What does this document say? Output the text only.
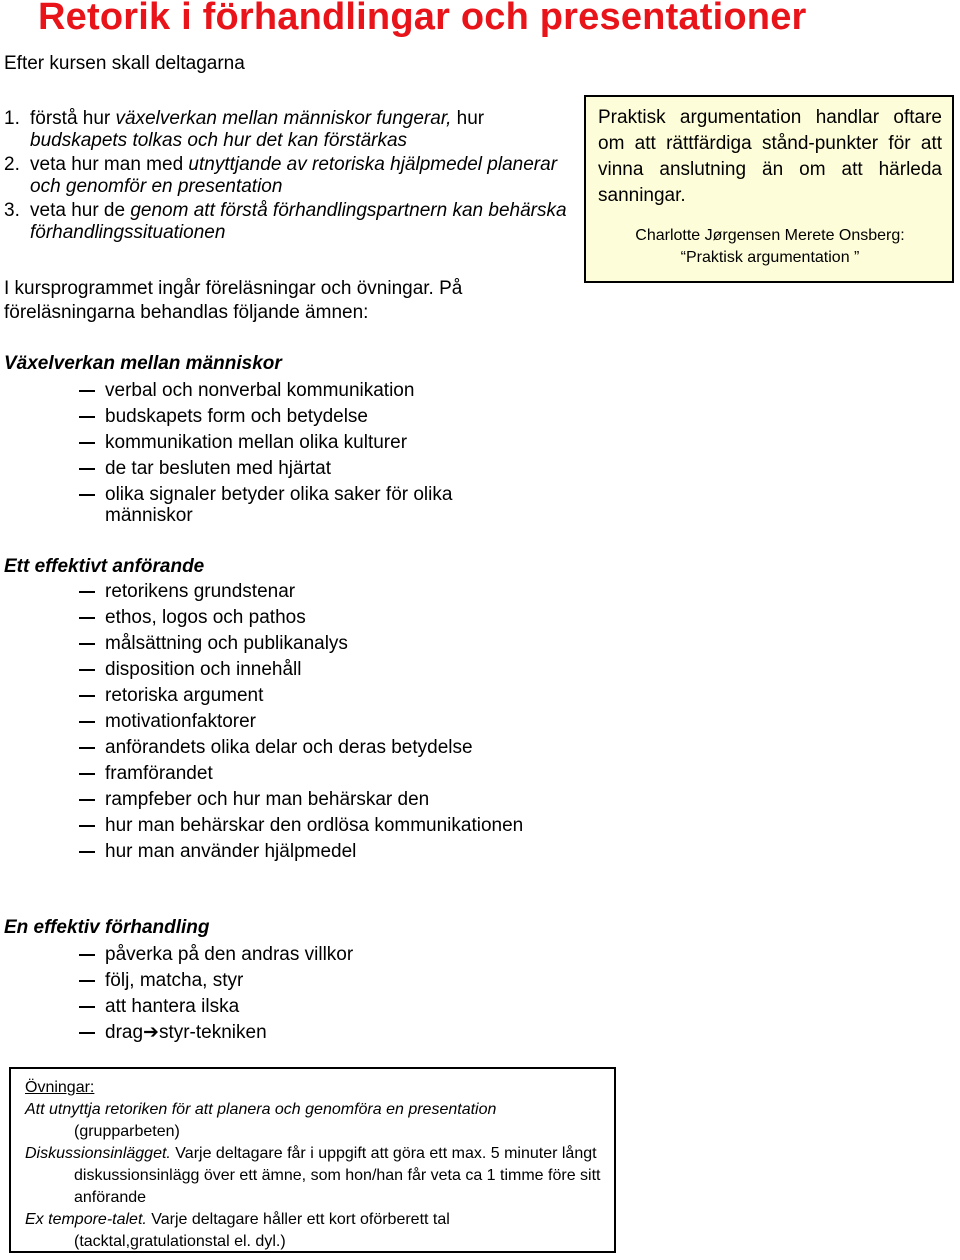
Retorik i förhandlingar och presentationer
Efter kursen skall deltagarna
1. förstå hur växelverkan mellan människor fungerar, hur budskapets tolkas och hur det kan förstärkas
2. veta hur man med utnyttjande av retoriska hjälpmedel planerar och genomför en presentation
3. veta hur de genom att förstå förhandlingspartnern kan behärska förhandlingssituationen
I kursprogrammet ingår föreläsningar och övningar. På föreläsningarna behandlas följande ämnen:

Praktisk argumentation handlar oftare om att rättfärdiga stånd-punkter för att vinna anslutning än om att härleda sanningar.

Charlotte Jørgensen Merete Onsberg:
“Praktisk argumentation ”
Växelverkan mellan människor
verbal och nonverbal kommunikation
budskapets form och betydelse
kommunikation mellan olika kulturer
de tar besluten med hjärtat
olika signaler betyder olika saker för olika människor
Ett effektivt anförande
retorikens grundstenar
ethos, logos och pathos
målsättning och publikanalys
disposition och innehåll
retoriska argument
motivationfaktorer
anförandets olika delar och deras betydelse
framförandet
rampfeber och hur man behärskar den
hur man behärskar den ordlösa kommunikationen
hur man använder hjälpmedel
En effektiv förhandling
påverka på den andras villkor
följ, matcha, styr
att hantera ilska
drag➔styr-tekniken
Övningar:
Att utnyttja retoriken för att planera och genomföra en presentation (grupparbeten)
Diskussionsinlägget. Varje deltagare får i uppgift att göra ett max. 5 minuter långt diskussionsinlägg över ett ämne, som hon/han får veta ca 1 timme före sitt anförande
Ex tempore-talet. Varje deltagare håller ett kort oförberett tal (tacktal,gratulationstal el. dyl.)
